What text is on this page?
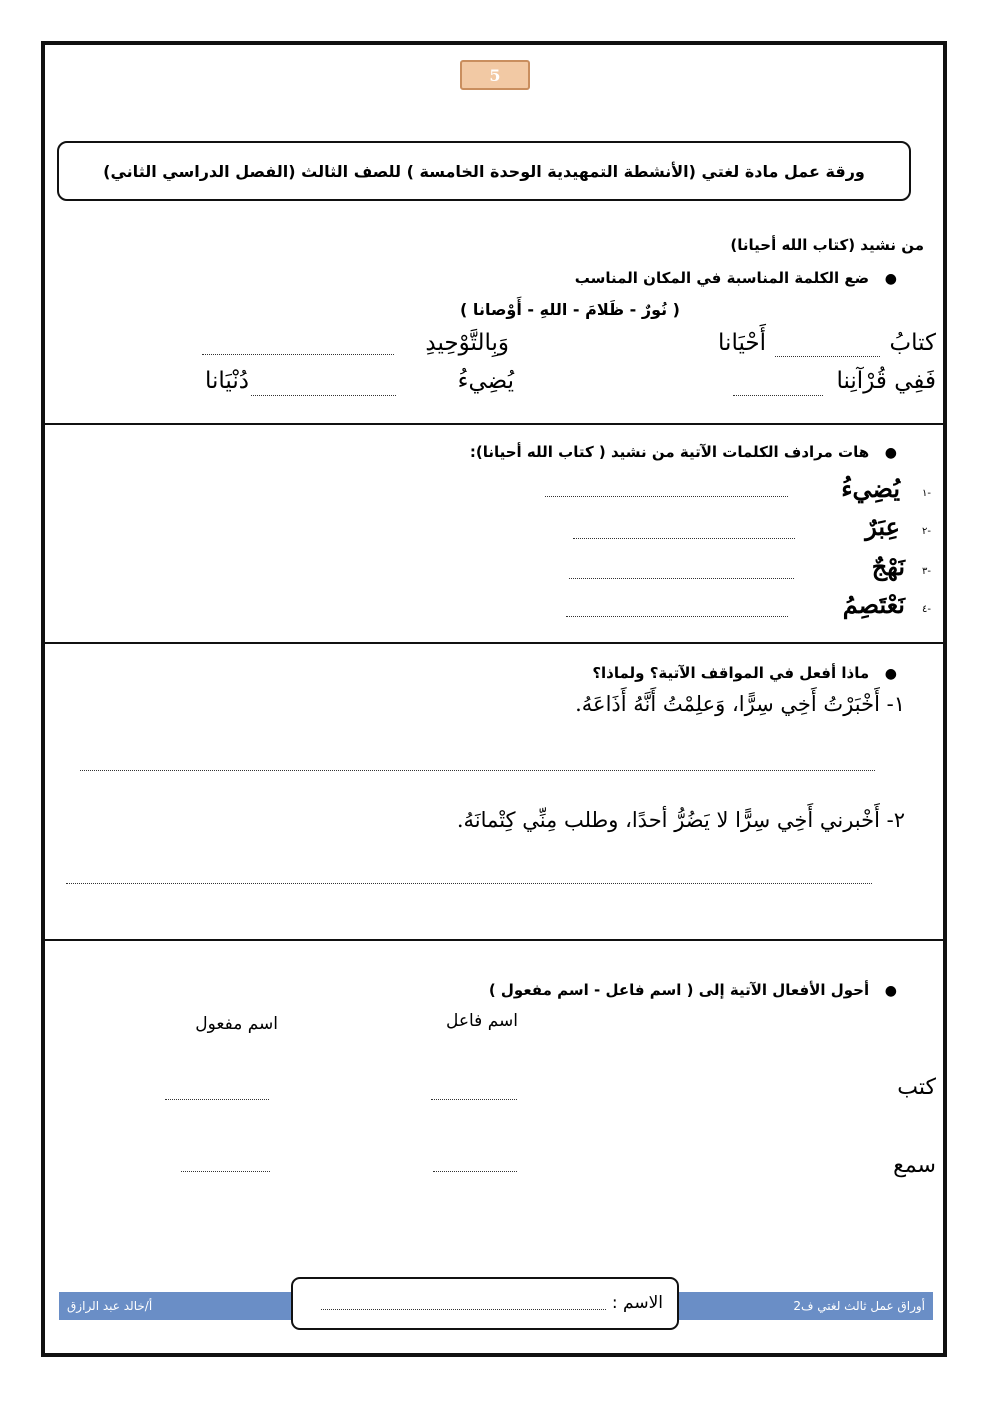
5
ورقة عمل مادة لغتي (الأنشطة التمهيدية الوحدة الخامسة ) للصف الثالث (الفصل الدراسي الثاني)
من نشيد (كتاب الله أحيانا)
●   ضع الكلمة المناسبة في المكان المناسب
( نُورٌ - ظَلامَ - اللهِ - أَوْصانا )
كتابُ
أَحْيَانا
وَبِالتَّوْحِيدِ
فَفِي قُرْآنِنا
يُضِيءُ
دُنْيَانا
●   هات مرادف الكلمات الآتية من نشيد ( كتاب الله أحيانا):
١-
يُضِيءُ
٢-
عِبَرٌ
٣-
نَهْجٌ
٤-
نَعْتَصِمُ
●   ماذا أفعل في المواقف الآتية؟ ولماذا؟
١- أَخْبَرْتُ أَخِي سِرًّا، وَعلِمْتُ أَنَّهُ أَذَاعَهُ.
٢- أَخْبرني أَخِي سِرًّا لا يَضُرُّ أحدًا، وطلب مِنِّي كِتْمانَهُ.
●   أحول الأفعال الآتية إلى ( اسم فاعل - اسم مفعول )
اسم فاعل
اسم مفعول
كتب
سمع
أ/خالد عبد الرازق	أوراق عمل ثالث لغتي ف2
الاسم :
